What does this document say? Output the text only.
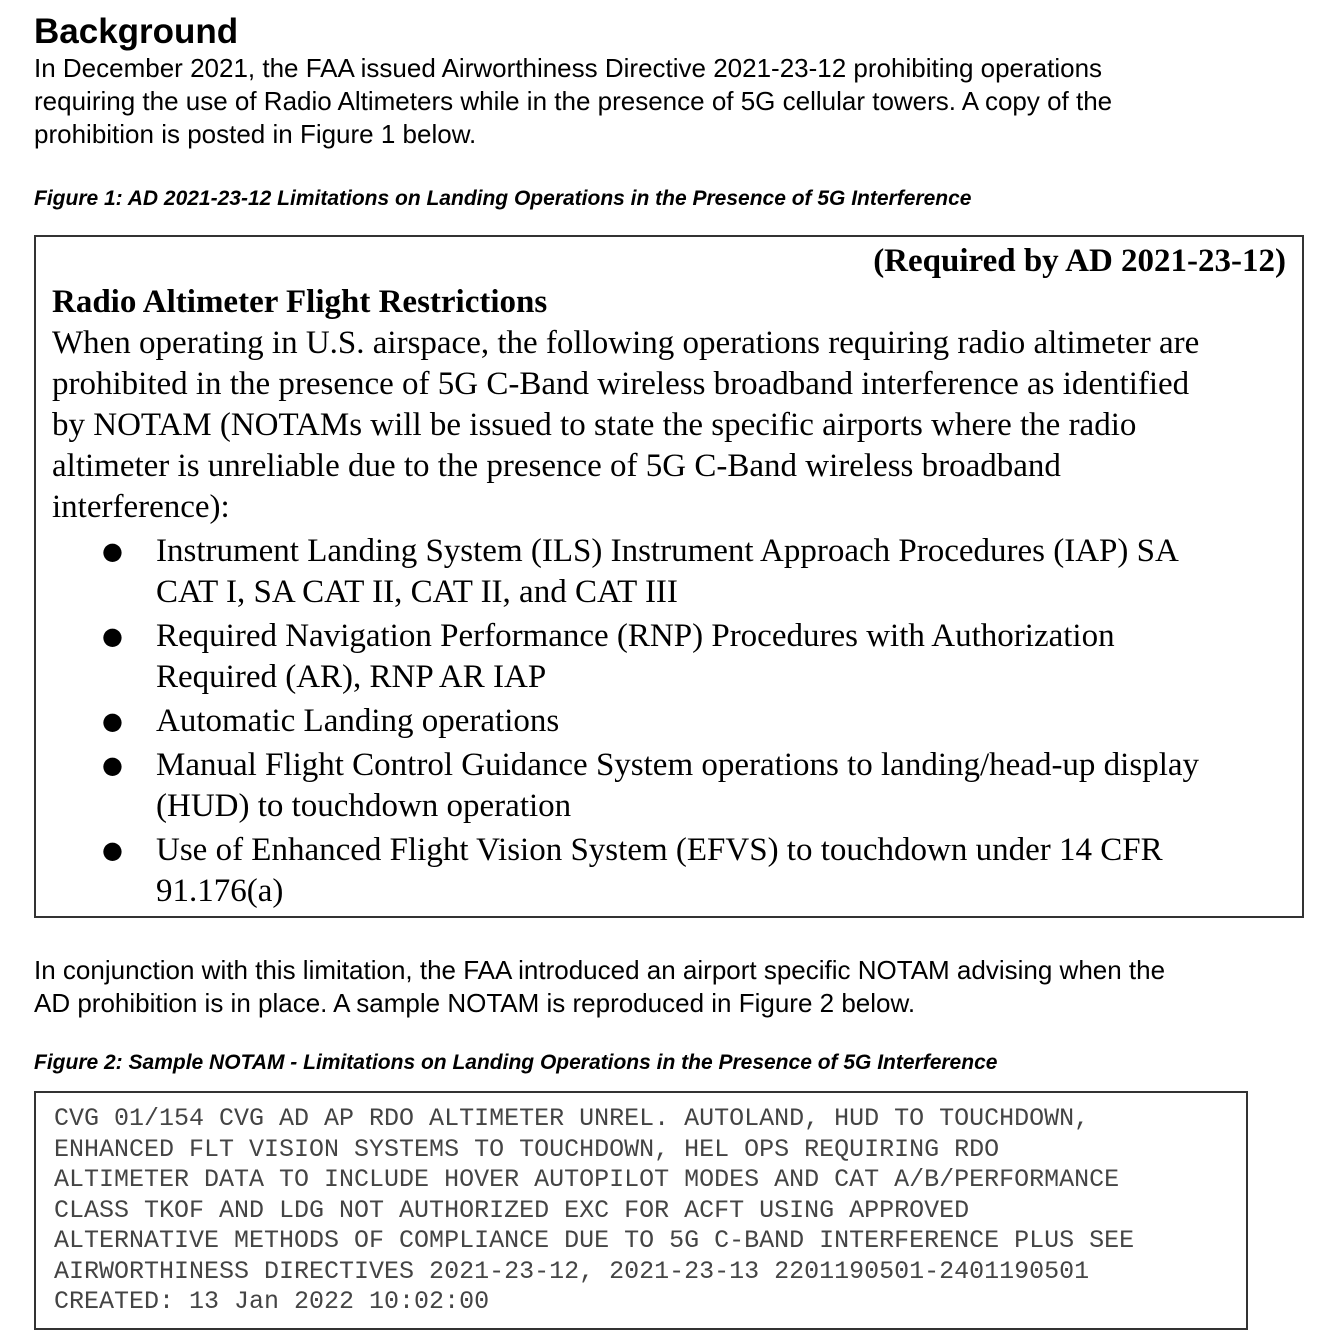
Background

In December 2021, the FAA issued Airworthiness Directive 2021-23-12 prohibiting operations
requiring the use of Radio Altimeters while in the presence of 5G cellular towers. A copy of the
prohibition is posted in Figure 1 below.

Figure 1: AD 2021-23-12 Limitations on Landing Operations in the Presence of 5G Interference

(Required by AD 2021-23-12)
Radio Altimeter Flight Restrictions
When operating in U.S. airspace, the following operations requiring radio altimeter are
prohibited in the presence of 5G C-Band wireless broadband interference as identified
by NOTAM (NOTAMs will be issued to state the specific airports where the radio
altimeter is unreliable due to the presence of 5G C-Band wireless broadband
interference):
● Instrument Landing System (ILS) Instrument Approach Procedures (IAP) SA
CAT I, SA CAT II, CAT II, and CAT III
● Required Navigation Performance (RNP) Procedures with Authorization
Required (AR), RNP AR IAP
● Automatic Landing operations
● Manual Flight Control Guidance System operations to landing/head-up display
(HUD) to touchdown operation
● Use of Enhanced Flight Vision System (EFVS) to touchdown under 14 CFR
91.176(a)

In conjunction with this limitation, the FAA introduced an airport specific NOTAM advising when the
AD prohibition is in place. A sample NOTAM is reproduced in Figure 2 below.

Figure 2: Sample NOTAM - Limitations on Landing Operations in the Presence of 5G Interference

CVG 01/154 CVG AD AP RDO ALTIMETER UNREL. AUTOLAND, HUD TO TOUCHDOWN,
ENHANCED FLT VISION SYSTEMS TO TOUCHDOWN, HEL OPS REQUIRING RDO
ALTIMETER DATA TO INCLUDE HOVER AUTOPILOT MODES AND CAT A/B/PERFORMANCE
CLASS TKOF AND LDG NOT AUTHORIZED EXC FOR ACFT USING APPROVED
ALTERNATIVE METHODS OF COMPLIANCE DUE TO 5G C-BAND INTERFERENCE PLUS SEE
AIRWORTHINESS DIRECTIVES 2021-23-12, 2021-23-13 2201190501-2401190501
CREATED: 13 Jan 2022 10:02:00
